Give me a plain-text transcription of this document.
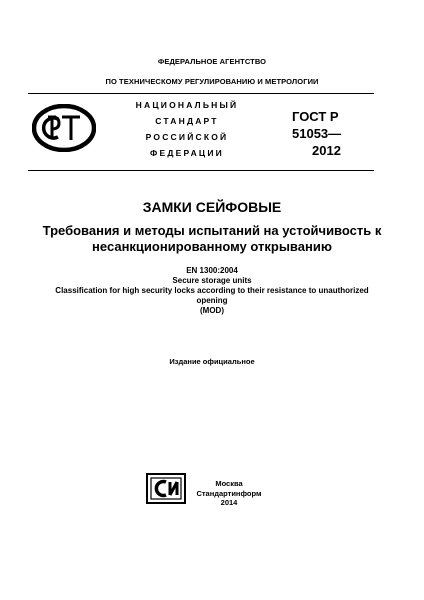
ФЕДЕРАЛЬНОЕ АГЕНТСТВО
ПО ТЕХНИЧЕСКОМУ РЕГУЛИРОВАНИЮ И МЕТРОЛОГИИ
НАЦИОНАЛЬНЫЙ
СТАНДАРТ
РОССИЙСКОЙ
ФЕДЕРАЦИИ
ГОСТ Р
51053—
2012
ЗАМКИ СЕЙФОВЫЕ
Требования и методы испытаний на устойчивость к
несанкционированному открыванию
EN 1300:2004
Secure storage units
Classification for high security locks according to their resistance to unauthorized
opening
(MOD)
Издание официальное
Москва
Стандартинформ
2014
